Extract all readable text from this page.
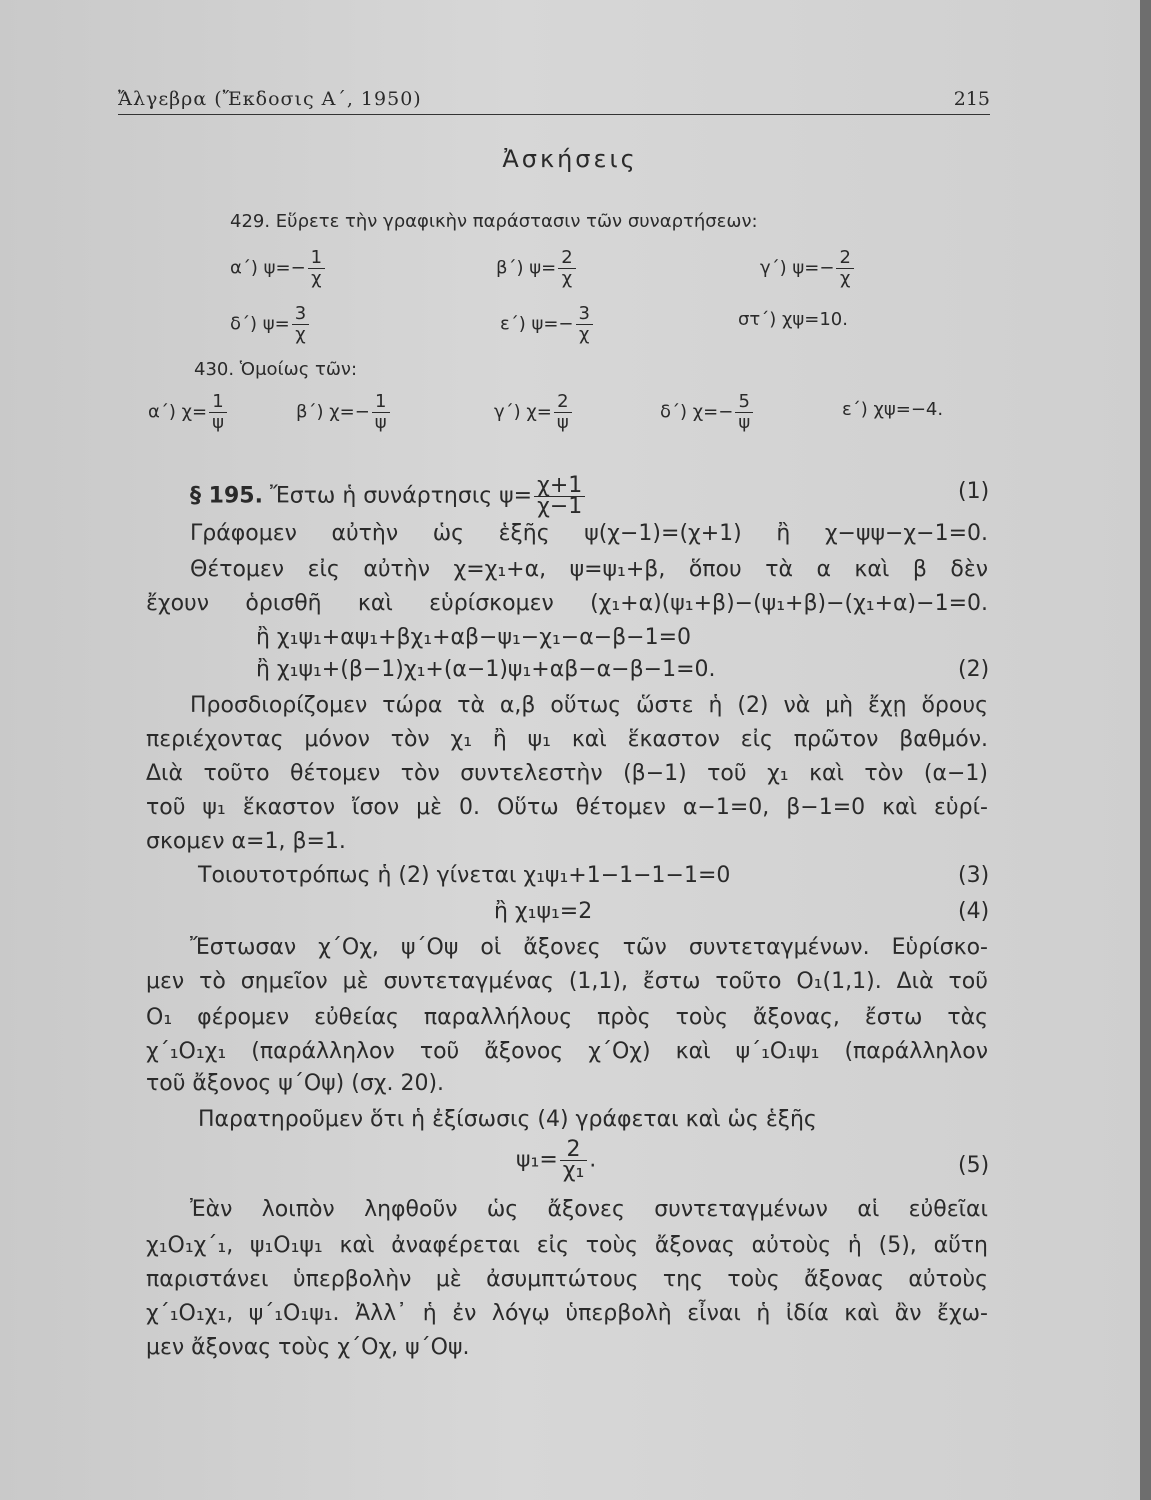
Ἄλγεβρα (Ἔκδοσις Α΄, 1950)	215
Ἀσκήσεις
429. Εὕρετε τὴν γραφικὴν παράστασιν τῶν συναρτήσεων:
α΄) $\psi=- \frac{1}{\chi}$	β΄) $\psi= \frac{2}{\chi}$	γ΄) $\psi=- \frac{2}{\chi}$
δ΄) $\psi= \frac{3}{\chi}$	ε΄) $\psi=- \frac{3}{\chi}$	στ΄) χψ=10.
430. Ὁμοίως τῶν:
α΄) $\chi= \frac{1}{\psi}$	β΄) $\chi=- \frac{1}{\psi}$	γ΄) $\chi= \frac{2}{\psi}$	δ΄) $\chi=- \frac{5}{\psi}$	ε΄) χψ=−4.
§ 195. Ἔστω ἡ συνάρτησις $\psi= \frac{\chi+1}{\chi-1}$	(1)
Γράφομεν αὐτὴν ὡς ἑξῆς ψ(χ−1)=(χ+1) ἢ χ−ψψ−χ−1=0.
Θέτομεν εἰς αὐτὴν χ=χ₁+α, ψ=ψ₁+β, ὅπου τὰ α καὶ β δὲν
ἔχουν ὁρισθῆ καὶ εὑρίσκομεν (χ₁+α)(ψ₁+β)−(ψ₁+β)−(χ₁+α)−1=0.
ἢ χ₁ψ₁+αψ₁+βχ₁+αβ−ψ₁−χ₁−α−β−1=0
ἢ χ₁ψ₁+(β−1)χ₁+(α−1)ψ₁+αβ−α−β−1=0.	(2)
Προσδιορίζομεν τώρα τὰ α,β οὕτως ὥστε ἡ (2) νὰ μὴ ἔχῃ ὅρους
περιέχοντας μόνον τὸν χ₁ ἢ ψ₁ καὶ ἕκαστον εἰς πρῶτον βαθμόν.
Διὰ τοῦτο θέτομεν τὸν συντελεστὴν (β−1) τοῦ χ₁ καὶ τὸν (α−1)
τοῦ ψ₁ ἕκαστον ἴσον μὲ 0. Οὕτω θέτομεν α−1=0, β−1=0 καὶ εὑρί-
σκομεν α=1, β=1.
Τοιουτοτρόπως ἡ (2) γίνεται χ₁ψ₁+1−1−1−1=0	(3)
ἢ χ₁ψ₁=2	(4)
Ἔστωσαν χ΄Οχ, ψ΄Οψ οἱ ἄξονες τῶν συντεταγμένων. Εὑρίσκο-
μεν τὸ σημεῖον μὲ συντεταγμένας (1,1), ἔστω τοῦτο Ο₁(1,1). Διὰ τοῦ
Ο₁ φέρομεν εὐθείας παραλλήλους πρὸς τοὺς ἄξονας, ἔστω τὰς
χ΄₁Ο₁χ₁ (παράλληλον τοῦ ἄξονος χ΄Οχ) καὶ ψ΄₁Ο₁ψ₁ (παράλληλον
τοῦ ἄξονος ψ΄Οψ) (σχ. 20).
Παρατηροῦμεν ὅτι ἡ ἐξίσωσις (4) γράφεται καὶ ὡς ἑξῆς
$\psi_1= \frac{2}{\text{χ₁}}$ .	(5)
Ἐὰν λοιπὸν ληφθοῦν ὡς ἄξονες συντεταγμένων αἱ εὐθεῖαι
χ₁Ο₁χ΄₁, ψ₁Ο₁ψ₁ καὶ ἀναφέρεται εἰς τοὺς ἄξονας αὐτοὺς ἡ (5), αὕτη
παριστάνει ὑπερβολὴν μὲ ἀσυμπτώτους της τοὺς ἄξονας αὐτοὺς
χ΄₁Ο₁χ₁, ψ΄₁Ο₁ψ₁. Ἀλλ᾽ ἡ ἐν λόγῳ ὑπερβολὴ εἶναι ἡ ἰδία καὶ ἂν ἔχω-
μεν ἄξονας τοὺς χ΄Οχ, ψ΄Οψ.
